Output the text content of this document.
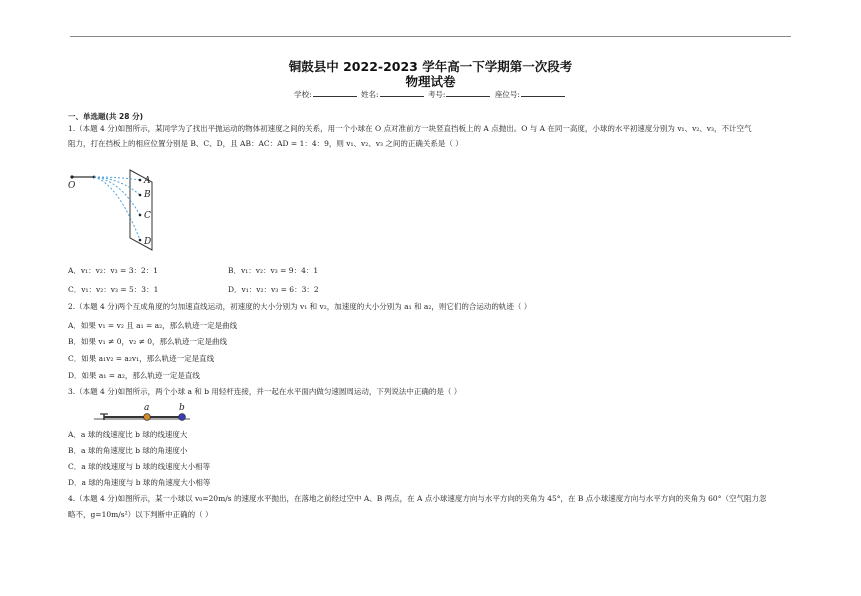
铜鼓县中 2022-2023 学年高一下学期第一次段考
物理试卷
学校:	姓名:	考号:	座位号:
一、单选题(共 28 分)
1.（本题 4 分)如图所示，某同学为了找出平抛运动的物体初速度之间的关系，用一个小球在 O 点对准前方一块竖直挡板上的 A 点抛出。O 与 A 在同一高度，小球的水平初速度分别为 v₁、v₂、v₃，不计空气
阻力，打在挡板上的相应位置分别是 B、C、D，且 AB：AC：AD = 1：4：9，则 v₁、v₂、v₃ 之间的正确关系是（ ）
O	A
B
C
D
A．v₁：v₂：v₃ = 3：2：1	B．v₁：v₂：v₃ = 9：4：1
C．v₁：v₂：v₃ = 5：3：1	D．v₁：v₂：v₃ = 6：3：2
2.（本题 4 分)两个互成角度的匀加速直线运动，初速度的大小分别为 v₁ 和 v₂，加速度的大小分别为 a₁ 和 a₂，则它们的合运动的轨迹（ ）
A．如果 v₁ = v₂ 且 a₁ = a₂，那么轨迹一定是曲线
B．如果 v₁ ≠ 0，v₂ ≠ 0，那么轨迹一定是曲线
C．如果 a₁v₂ = a₂v₁，那么轨迹一定是直线
D．如果 a₁ = a₂，那么轨迹一定是直线
3.（本题 4 分)如图所示，两个小球 a 和 b 用轻杆连接，并一起在水平面内做匀速圆周运动，下列说法中正确的是（ ）
a	b
A．a 球的线速度比 b 球的线速度大
B．a 球的角速度比 b 球的角速度小
C．a 球的线速度与 b 球的线速度大小相等
D．a 球的角速度与 b 球的角速度大小相等
4.（本题 4 分)如图所示，某一小球以 v₀=20m/s 的速度水平抛出，在落地之前经过空中 A、B 两点，在 A 点小球速度方向与水平方向的夹角为 45°，在 B 点小球速度方向与水平方向的夹角为 60°（空气阻力忽
略不，g=10m/s²）以下判断中正确的（ ）
